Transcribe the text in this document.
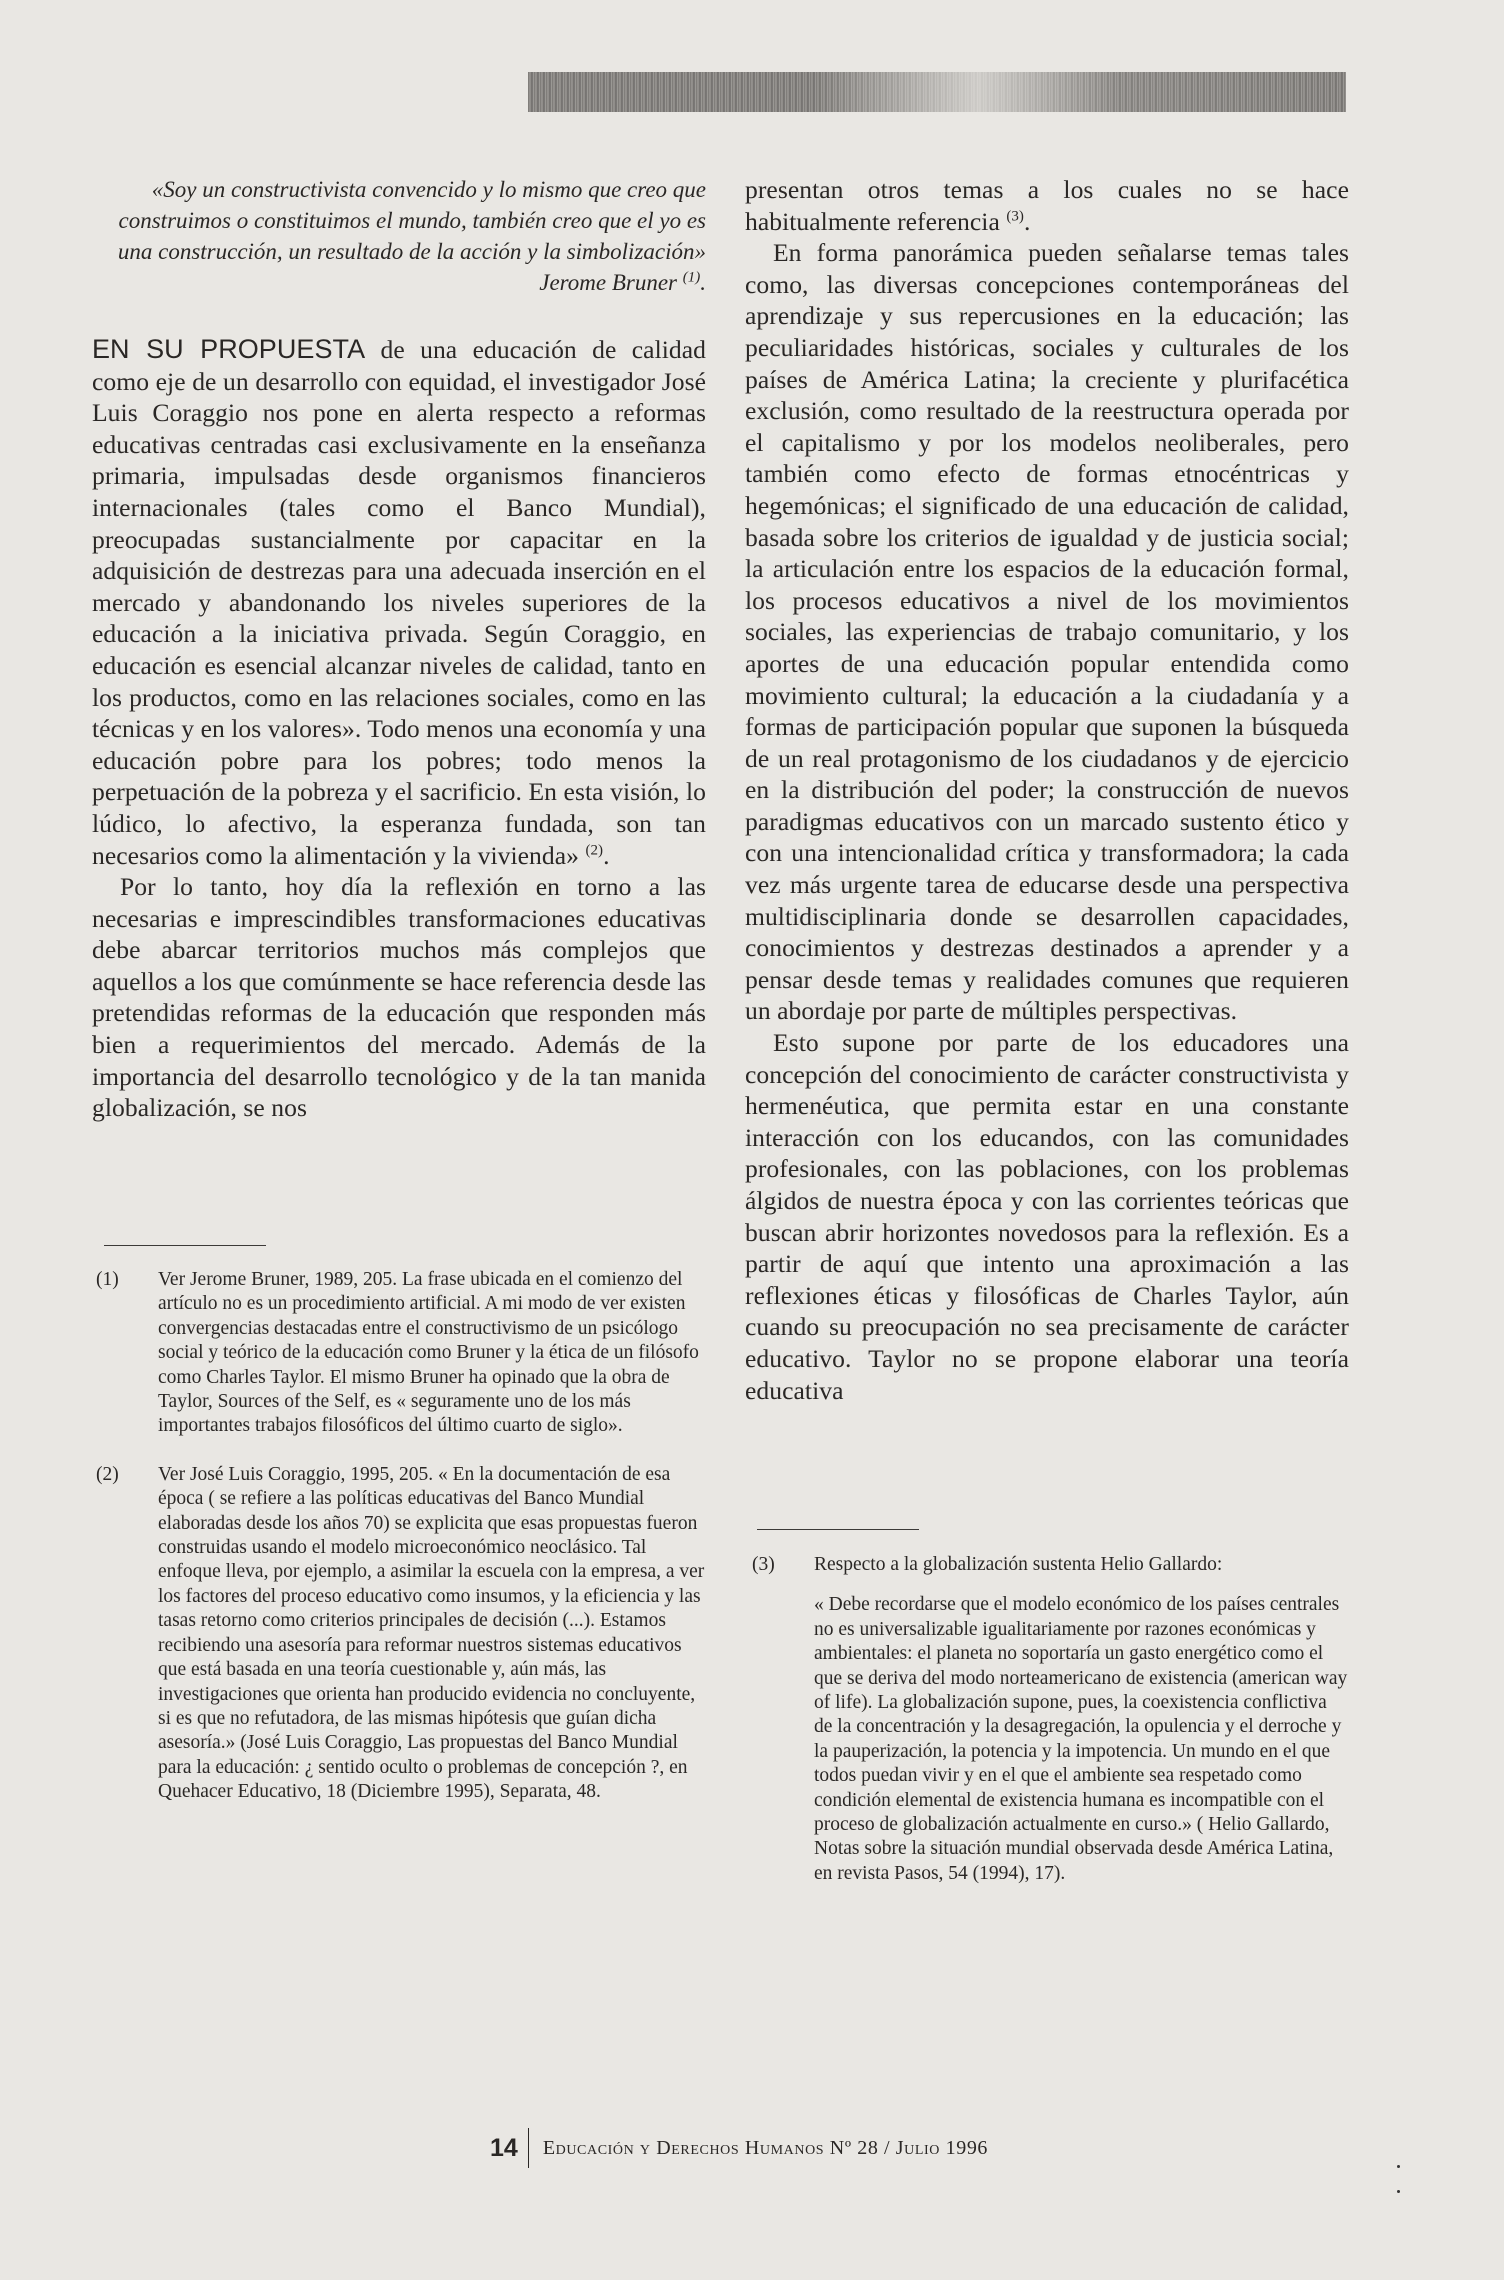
«Soy un constructivista convencido y lo mismo que creo que construimos o constituimos el mundo, también creo que el yo es una construcción, un resultado de la acción y la simbolización»
Jerome Bruner $^{(1)}$.

EN SU PROPUESTA de una educación de calidad como eje de un desarrollo con equidad, el investigador José Luis Coraggio nos pone en alerta respecto a reformas educativas centradas casi exclusivamente en la enseñanza primaria, impulsadas desde organismos financieros internacionales (tales como el Banco Mundial), preocupadas sustancialmente por capacitar en la adquisición de destrezas para una adecuada inserción en el mercado y abandonando los niveles superiores de la educación a la iniciativa privada. Según Coraggio, en educación es esencial alcanzar niveles de calidad, tanto en los productos, como en las relaciones sociales, como en las técnicas y en los valores». Todo menos una economía y una educación pobre para los pobres; todo menos la perpetuación de la pobreza y el sacrificio. En esta visión, lo lúdico, lo afectivo, la esperanza fundada, son tan necesarios como la alimentación y la vivienda» $^{(2)}$.

Por lo tanto, hoy día la reflexión en torno a las necesarias e imprescindibles transformaciones educativas debe abarcar territorios muchos más complejos que aquellos a los que comúnmente se hace referencia desde las pretendidas reformas de la educación que responden más bien a requerimientos del mercado. Además de la importancia del desarrollo tecnológico y de la tan manida globalización, se nos

presentan otros temas a los cuales no se hace habitualmente referencia $^{(3)}$.

En forma panorámica pueden señalarse temas tales como, las diversas concepciones contemporáneas del aprendizaje y sus repercusiones en la educación; las peculiaridades históricas, sociales y culturales de los países de América Latina; la creciente y plurifacética exclusión, como resultado de la reestructura operada por el capitalismo y por los modelos neoliberales, pero también como efecto de formas etnocéntricas y hegemónicas; el significado de una educación de calidad, basada sobre los criterios de igualdad y de justicia social; la articulación entre los espacios de la educación formal, los procesos educativos a nivel de los movimientos sociales, las experiencias de trabajo comunitario, y los aportes de una educación popular entendida como movimiento cultural; la educación a la ciudadanía y a formas de participación popular que suponen la búsqueda de un real protagonismo de los ciudadanos y de ejercicio en la distribución del poder; la construcción de nuevos paradigmas educativos con un marcado sustento ético y con una intencionalidad crítica y transformadora; la cada vez más urgente tarea de educarse desde una perspectiva multidisciplinaria donde se desarrollen capacidades, conocimientos y destrezas destinados a aprender y a pensar desde temas y realidades comunes que requieren un abordaje por parte de múltiples perspectivas.

Esto supone por parte de los educadores una concepción del conocimiento de carácter constructivista y hermenéutica, que permita estar en una constante interacción con los educandos, con las comunidades profesionales, con las poblaciones, con los problemas álgidos de nuestra época y con las corrientes teóricas que buscan abrir horizontes novedosos para la reflexión. Es a partir de aquí que intento una aproximación a las reflexiones éticas y filosóficas de Charles Taylor, aún cuando su preocupación no sea precisamente de carácter educativo. Taylor no se propone elaborar una teoría educativa

(1)	Ver Jerome Bruner, 1989, 205. La frase ubicada en el comienzo del artículo no es un procedimiento artificial. A mi modo de ver existen convergencias destacadas entre el constructivismo de un psicólogo social y teórico de la educación como Bruner y la ética de un filósofo como Charles Taylor. El mismo Bruner ha opinado que la obra de Taylor, Sources of the Self, es « seguramente uno de los más importantes trabajos filosóficos del último cuarto de siglo».

(2)	Ver José Luis Coraggio, 1995, 205. « En la documentación de esa época ( se refiere a las políticas educativas del Banco Mundial elaboradas desde los años 70) se explicita que esas propuestas fueron construidas usando el modelo microeconómico neoclásico. Tal enfoque lleva, por ejemplo, a asimilar la escuela con la empresa, a ver los factores del proceso educativo como insumos, y la eficiencia y las tasas retorno como criterios principales de decisión (...). Estamos recibiendo una asesoría para reformar nuestros sistemas educativos que está basada en una teoría cuestionable y, aún más, las investigaciones que orienta han producido evidencia no concluyente, si es que no refutadora, de las mismas hipótesis que guían dicha asesoría.» (José Luis Coraggio, Las propuestas del Banco Mundial para la educación: ¿ sentido oculto o problemas de concepción ?, en Quehacer Educativo, 18 (Diciembre 1995), Separata, 48.

(3)	Respecto a la globalización sustenta Helio Gallardo:

« Debe recordarse que el modelo económico de los países centrales no es universalizable igualitariamente por razones económicas y ambientales: el planeta no soportaría un gasto energético como el que se deriva del modo norteamericano de existencia (american way of life). La globalización supone, pues, la coexistencia conflictiva de la concentración y la desagregación, la opulencia y el derroche y la pauperización, la potencia y la impotencia. Un mundo en el que todos puedan vivir y en el que el ambiente sea respetado como condición elemental de existencia humana es incompatible con el proceso de globalización actualmente en curso.» ( Helio Gallardo, Notas sobre la situación mundial observada desde América Latina, en revista Pasos, 54 (1994), 17).

14 Educación y Derechos Humanos Nº 28 / Julio 1996
